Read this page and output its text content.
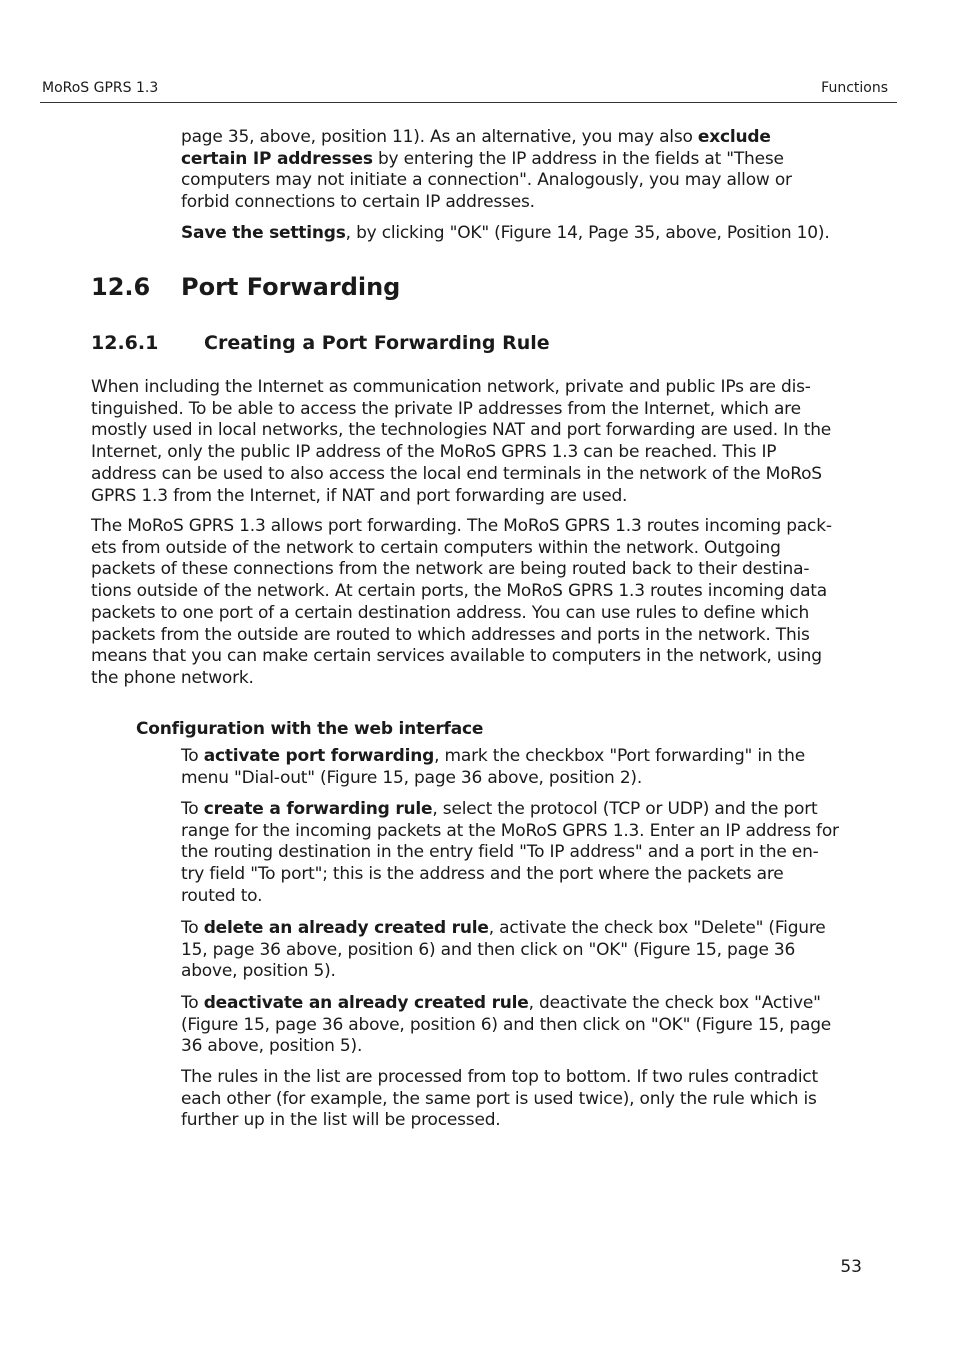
MoRoS GPRS 1.3	Functions

page 35, above, position 11). As an alternative, you may also exclude certain IP addresses by entering the IP address in the fields at "These computers may not initiate a connection". Analogously, you may allow or forbid connections to certain IP addresses.

Save the settings, by clicking "OK" (Figure 14, Page 35, above, Position 10).

12.6 Port Forwarding
12.6.1 Creating a Port Forwarding Rule

When including the Internet as communication network, private and public IPs are dis-tinguished. To be able to access the private IP addresses from the Internet, which are mostly used in local networks, the technologies NAT and port forwarding are used. In the Internet, only the public IP address of the MoRoS GPRS 1.3 can be reached. This IP address can be used to also access the local end terminals in the network of the MoRoS GPRS 1.3 from the Internet, if NAT and port forwarding are used.

The MoRoS GPRS 1.3 allows port forwarding. The MoRoS GPRS 1.3 routes incoming pack-ets from outside of the network to certain computers within the network. Outgoing packets of these connections from the network are being routed back to their destina-tions outside of the network. At certain ports, the MoRoS GPRS 1.3 routes incoming data packets to one port of a certain destination address. You can use rules to define which packets from the outside are routed to which addresses and ports in the network. This means that you can make certain services available to computers in the network, using the phone network.

Configuration with the web interface

To activate port forwarding, mark the checkbox "Port forwarding" in the menu "Dial-out" (Figure 15, page 36 above, position 2).

To create a forwarding rule, select the protocol (TCP or UDP) and the port range for the incoming packets at the MoRoS GPRS 1.3. Enter an IP address for the routing destination in the entry field "To IP address" and a port in the en-try field "To port"; this is the address and the port where the packets are routed to.

To delete an already created rule, activate the check box "Delete" (Figure 15, page 36 above, position 6) and then click on "OK" (Figure 15, page 36 above, position 5).

To deactivate an already created rule, deactivate the check box "Active" (Figure 15, page 36 above, position 6) and then click on "OK" (Figure 15, page 36 above, position 5).

The rules in the list are processed from top to bottom. If two rules contradict each other (for example, the same port is used twice), only the rule which is further up in the list will be processed.

53
